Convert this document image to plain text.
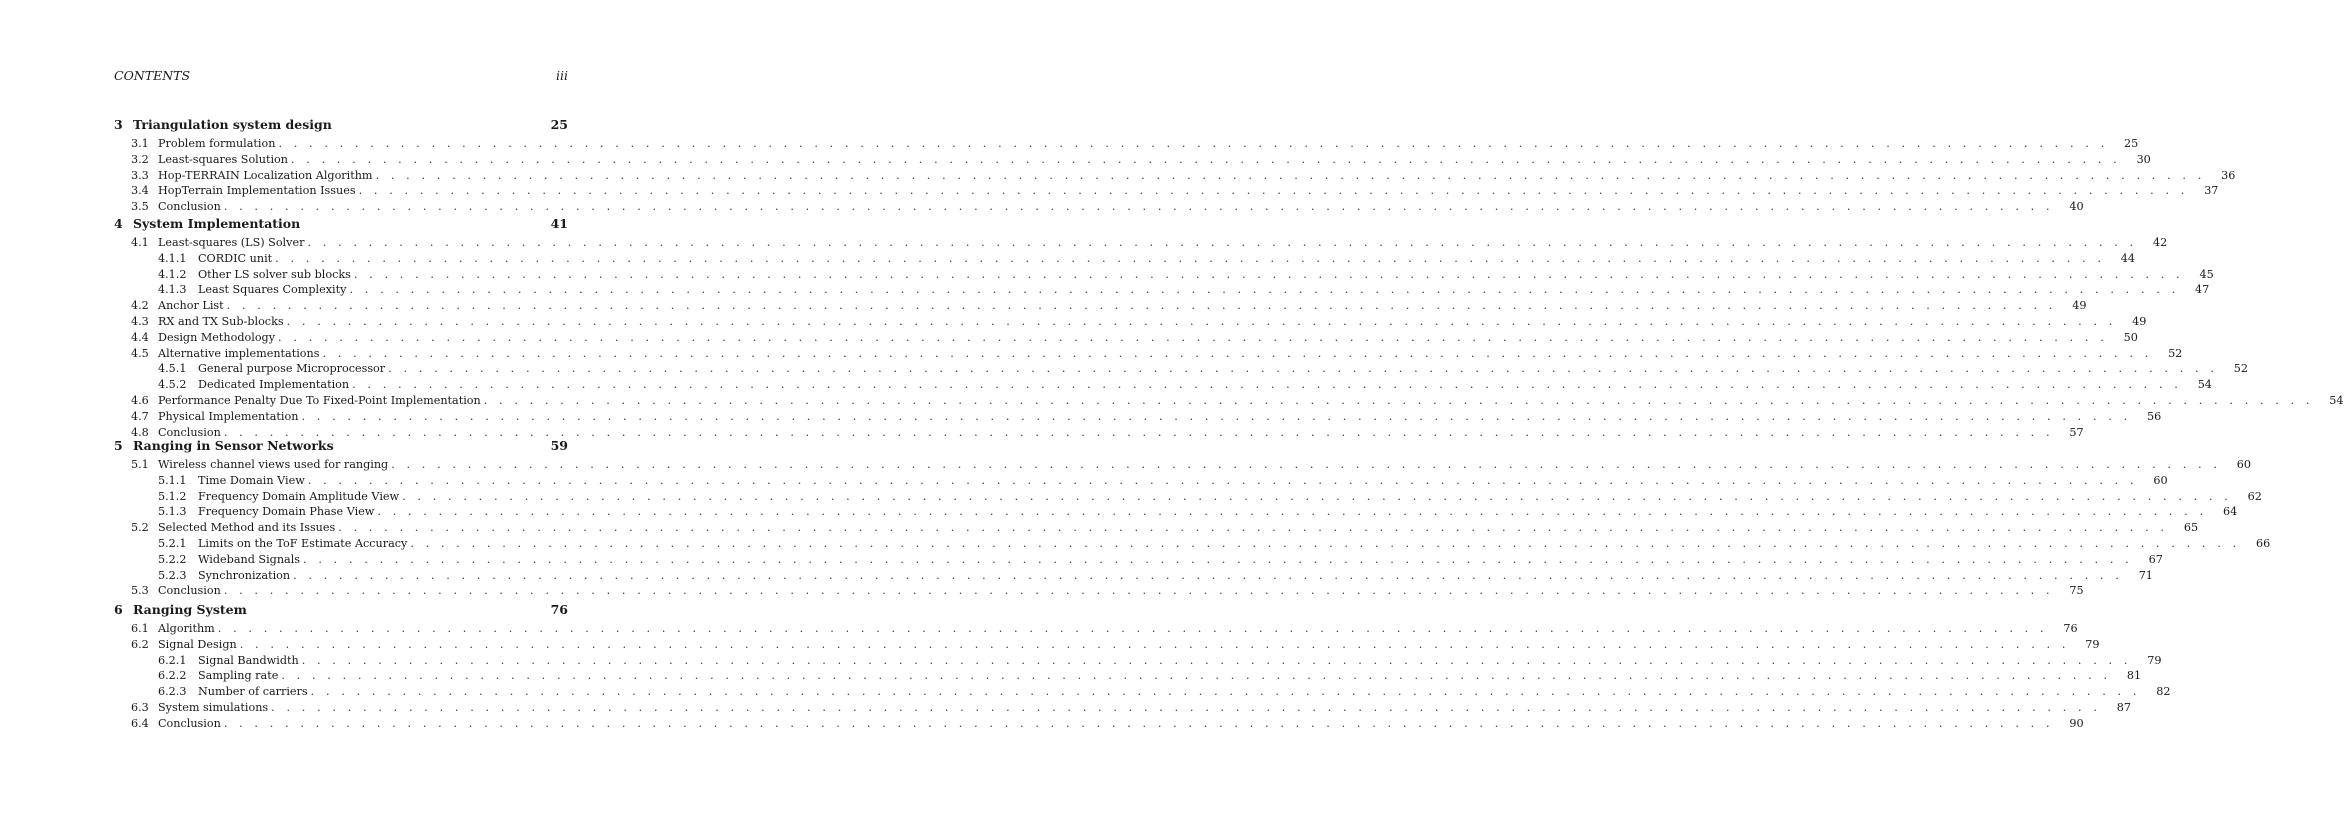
CONTENTS	iii
3 Triangulation system design	25
3.1 Problem formulation . . . . . . . . . . . . . . . . . . . . . . . . . . . . . . . . . . . . . . . . . . . . . . . . . . . . . . . . . . . . . . . . . . . . . . . . . . . . . . . . . . . . . . . . . . . . . . . . . . . . . . . . . . . . . . . . . . . . . . . .	25
3.2 Least-squares Solution . . . . . . . . . . . . . . . . . . . . . . . . . . . . . . . . . . . . . . . . . . . . . . . . . . . . . . . . . . . . . . . . . . . . . . . . . . . . . . . . . . . . . . . . . . . . . . . . . . . . . . . . . . . . . . . . . . . . . . . .	30
3.3 Hop-TERRAIN Localization Algorithm . . . . . . . . . . . . . . . . . . . . . . . . . . . . . . . . . . . . . . . . . . . . . . . . . . . . . . . . . . . . . . . . . . . . . . . . . . . . . . . . . . . . . . . . . . . . . . . . . . . . . . . . . . . . . . . . . . . . . . . .	36
3.4 HopTerrain Implementation Issues . . . . . . . . . . . . . . . . . . . . . . . . . . . . . . . . . . . . . . . . . . . . . . . . . . . . . . . . . . . . . . . . . . . . . . . . . . . . . . . . . . . . . . . . . . . . . . . . . . . . . . . . . . . . . . . . . . . . . . . .	37
3.5 Conclusion . . . . . . . . . . . . . . . . . . . . . . . . . . . . . . . . . . . . . . . . . . . . . . . . . . . . . . . . . . . . . . . . . . . . . . . . . . . . . . . . . . . . . . . . . . . . . . . . . . . . . . . . . . . . . . . . . . . . . . . .	40
4 System Implementation	41
4.1 Least-squares (LS) Solver . . . . . . . . . . . . . . . . . . . . . . . . . . . . . . . . . . . . . . . . . . . . . . . . . . . . . . . . . . . . . . . . . . . . . . . . . . . . . . . . . . . . . . . . . . . . . . . . . . . . . . . . . . . . . . . . . . . . . . . .	42
4.1.1 CORDIC unit . . . . . . . . . . . . . . . . . . . . . . . . . . . . . . . . . . . . . . . . . . . . . . . . . . . . . . . . . . . . . . . . . . . . . . . . . . . . . . . . . . . . . . . . . . . . . . . . . . . . . . . . . . . . . . . . . . . . . . . .	44
4.1.2 Other LS solver sub blocks . . . . . . . . . . . . . . . . . . . . . . . . . . . . . . . . . . . . . . . . . . . . . . . . . . . . . . . . . . . . . . . . . . . . . . . . . . . . . . . . . . . . . . . . . . . . . . . . . . . . . . . . . . . . . . . . . . . . . . . .	45
4.1.3 Least Squares Complexity . . . . . . . . . . . . . . . . . . . . . . . . . . . . . . . . . . . . . . . . . . . . . . . . . . . . . . . . . . . . . . . . . . . . . . . . . . . . . . . . . . . . . . . . . . . . . . . . . . . . . . . . . . . . . . . . . . . . . . . .	47
4.2 Anchor List . . . . . . . . . . . . . . . . . . . . . . . . . . . . . . . . . . . . . . . . . . . . . . . . . . . . . . . . . . . . . . . . . . . . . . . . . . . . . . . . . . . . . . . . . . . . . . . . . . . . . . . . . . . . . . . . . . . . . . . .	49
4.3 RX and TX Sub-blocks . . . . . . . . . . . . . . . . . . . . . . . . . . . . . . . . . . . . . . . . . . . . . . . . . . . . . . . . . . . . . . . . . . . . . . . . . . . . . . . . . . . . . . . . . . . . . . . . . . . . . . . . . . . . . . . . . . . . . . . .	49
4.4 Design Methodology . . . . . . . . . . . . . . . . . . . . . . . . . . . . . . . . . . . . . . . . . . . . . . . . . . . . . . . . . . . . . . . . . . . . . . . . . . . . . . . . . . . . . . . . . . . . . . . . . . . . . . . . . . . . . . . . . . . . . . . .	50
4.5 Alternative implementations . . . . . . . . . . . . . . . . . . . . . . . . . . . . . . . . . . . . . . . . . . . . . . . . . . . . . . . . . . . . . . . . . . . . . . . . . . . . . . . . . . . . . . . . . . . . . . . . . . . . . . . . . . . . . . . . . . . . . . . .	52
4.5.1 General purpose Microprocessor . . . . . . . . . . . . . . . . . . . . . . . . . . . . . . . . . . . . . . . . . . . . . . . . . . . . . . . . . . . . . . . . . . . . . . . . . . . . . . . . . . . . . . . . . . . . . . . . . . . . . . . . . . . . . . . . . . . . . . . .	52
4.5.2 Dedicated Implementation . . . . . . . . . . . . . . . . . . . . . . . . . . . . . . . . . . . . . . . . . . . . . . . . . . . . . . . . . . . . . . . . . . . . . . . . . . . . . . . . . . . . . . . . . . . . . . . . . . . . . . . . . . . . . . . . . . . . . . . .	54
4.6 Performance Penalty Due To Fixed-Point Implementation . . . . . . . . . . . . . . . . . . . . . . . . . . . . . . . . . . . . . . . . . . . . . . . . . . . . . . . . . . . . . . . . . . . . . . . . . . . . . . . . . . . . . . . . . . . . . . . . . . . . . . . . . . . . . . . . . . . . . . . .	54
4.7 Physical Implementation . . . . . . . . . . . . . . . . . . . . . . . . . . . . . . . . . . . . . . . . . . . . . . . . . . . . . . . . . . . . . . . . . . . . . . . . . . . . . . . . . . . . . . . . . . . . . . . . . . . . . . . . . . . . . . . . . . . . . . . .	56
4.8 Conclusion . . . . . . . . . . . . . . . . . . . . . . . . . . . . . . . . . . . . . . . . . . . . . . . . . . . . . . . . . . . . . . . . . . . . . . . . . . . . . . . . . . . . . . . . . . . . . . . . . . . . . . . . . . . . . . . . . . . . . . . .	57
5 Ranging in Sensor Networks	59
5.1 Wireless channel views used for ranging . . . . . . . . . . . . . . . . . . . . . . . . . . . . . . . . . . . . . . . . . . . . . . . . . . . . . . . . . . . . . . . . . . . . . . . . . . . . . . . . . . . . . . . . . . . . . . . . . . . . . . . . . . . . . . . . . . . . . . . .	60
5.1.1 Time Domain View . . . . . . . . . . . . . . . . . . . . . . . . . . . . . . . . . . . . . . . . . . . . . . . . . . . . . . . . . . . . . . . . . . . . . . . . . . . . . . . . . . . . . . . . . . . . . . . . . . . . . . . . . . . . . . . . . . . . . . . .	60
5.1.2 Frequency Domain Amplitude View . . . . . . . . . . . . . . . . . . . . . . . . . . . . . . . . . . . . . . . . . . . . . . . . . . . . . . . . . . . . . . . . . . . . . . . . . . . . . . . . . . . . . . . . . . . . . . . . . . . . . . . . . . . . . . . . . . . . . . . .	62
5.1.3 Frequency Domain Phase View . . . . . . . . . . . . . . . . . . . . . . . . . . . . . . . . . . . . . . . . . . . . . . . . . . . . . . . . . . . . . . . . . . . . . . . . . . . . . . . . . . . . . . . . . . . . . . . . . . . . . . . . . . . . . . . . . . . . . . . .	64
5.2 Selected Method and its Issues . . . . . . . . . . . . . . . . . . . . . . . . . . . . . . . . . . . . . . . . . . . . . . . . . . . . . . . . . . . . . . . . . . . . . . . . . . . . . . . . . . . . . . . . . . . . . . . . . . . . . . . . . . . . . . . . . . . . . . . .	65
5.2.1 Limits on the ToF Estimate Accuracy . . . . . . . . . . . . . . . . . . . . . . . . . . . . . . . . . . . . . . . . . . . . . . . . . . . . . . . . . . . . . . . . . . . . . . . . . . . . . . . . . . . . . . . . . . . . . . . . . . . . . . . . . . . . . . . . . . . . . . . .	66
5.2.2 Wideband Signals . . . . . . . . . . . . . . . . . . . . . . . . . . . . . . . . . . . . . . . . . . . . . . . . . . . . . . . . . . . . . . . . . . . . . . . . . . . . . . . . . . . . . . . . . . . . . . . . . . . . . . . . . . . . . . . . . . . . . . . .	67
5.2.3 Synchronization . . . . . . . . . . . . . . . . . . . . . . . . . . . . . . . . . . . . . . . . . . . . . . . . . . . . . . . . . . . . . . . . . . . . . . . . . . . . . . . . . . . . . . . . . . . . . . . . . . . . . . . . . . . . . . . . . . . . . . . .	71
5.3 Conclusion . . . . . . . . . . . . . . . . . . . . . . . . . . . . . . . . . . . . . . . . . . . . . . . . . . . . . . . . . . . . . . . . . . . . . . . . . . . . . . . . . . . . . . . . . . . . . . . . . . . . . . . . . . . . . . . . . . . . . . . .	75
6 Ranging System	76
6.1 Algorithm . . . . . . . . . . . . . . . . . . . . . . . . . . . . . . . . . . . . . . . . . . . . . . . . . . . . . . . . . . . . . . . . . . . . . . . . . . . . . . . . . . . . . . . . . . . . . . . . . . . . . . . . . . . . . . . . . . . . . . . .	76
6.2 Signal Design . . . . . . . . . . . . . . . . . . . . . . . . . . . . . . . . . . . . . . . . . . . . . . . . . . . . . . . . . . . . . . . . . . . . . . . . . . . . . . . . . . . . . . . . . . . . . . . . . . . . . . . . . . . . . . . . . . . . . . . .	79
6.2.1 Signal Bandwidth . . . . . . . . . . . . . . . . . . . . . . . . . . . . . . . . . . . . . . . . . . . . . . . . . . . . . . . . . . . . . . . . . . . . . . . . . . . . . . . . . . . . . . . . . . . . . . . . . . . . . . . . . . . . . . . . . . . . . . . .	79
6.2.2 Sampling rate . . . . . . . . . . . . . . . . . . . . . . . . . . . . . . . . . . . . . . . . . . . . . . . . . . . . . . . . . . . . . . . . . . . . . . . . . . . . . . . . . . . . . . . . . . . . . . . . . . . . . . . . . . . . . . . . . . . . . . . .	81
6.2.3 Number of carriers . . . . . . . . . . . . . . . . . . . . . . . . . . . . . . . . . . . . . . . . . . . . . . . . . . . . . . . . . . . . . . . . . . . . . . . . . . . . . . . . . . . . . . . . . . . . . . . . . . . . . . . . . . . . . . . . . . . . . . . .	82
6.3 System simulations . . . . . . . . . . . . . . . . . . . . . . . . . . . . . . . . . . . . . . . . . . . . . . . . . . . . . . . . . . . . . . . . . . . . . . . . . . . . . . . . . . . . . . . . . . . . . . . . . . . . . . . . . . . . . . . . . . . . . . . .	87
6.4 Conclusion . . . . . . . . . . . . . . . . . . . . . . . . . . . . . . . . . . . . . . . . . . . . . . . . . . . . . . . . . . . . . . . . . . . . . . . . . . . . . . . . . . . . . . . . . . . . . . . . . . . . . . . . . . . . . . . . . . . . . . . .	90
